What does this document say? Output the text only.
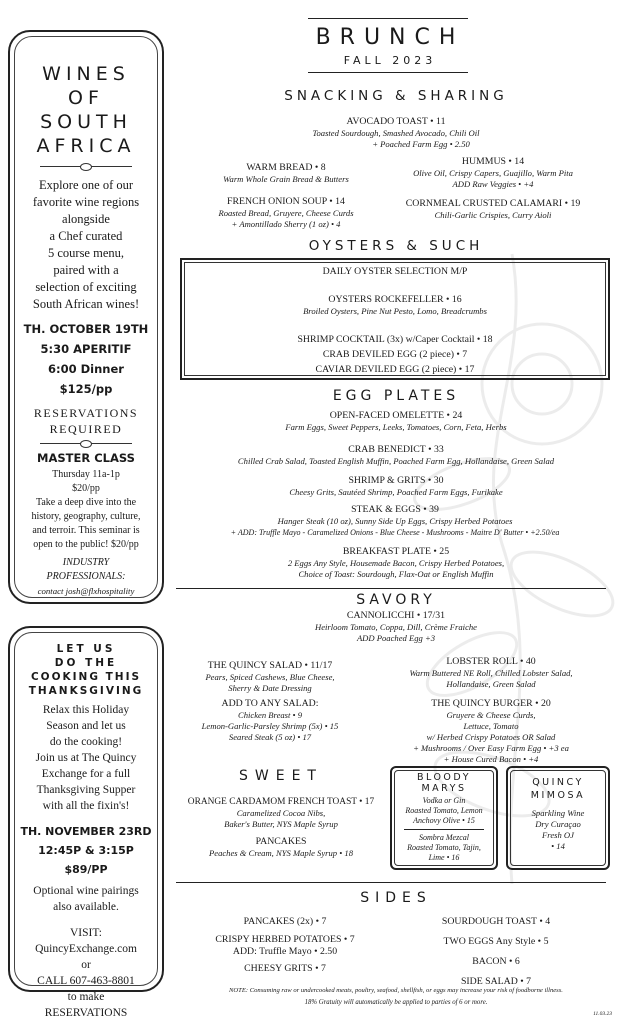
WINES
OF
SOUTH
AFRICA
Explore one of our
favorite wine regions
alongside
a Chef curated
5 course menu,
paired with a
selection of exciting
South African wines!
TH. OCTOBER 19TH
5:30 APERITIF
6:00 Dinner
$125/pp
RESERVATIONS
REQUIRED
MASTER CLASS
Thursday 11a-1p
$20/pp
Take a deep dive into the
history, geography, culture,
and terroir. This seminar is
open to the public! $20/pp
INDUSTRY
PROFESSIONALS:
contact josh@flxhospitality
LET US
DO THE
COOKING THIS
THANKSGIVING
Relax this Holiday
Season and let us
do the cooking!
Join us at The Quincy
Exchange for a full
Thanksgiving Supper
with all the fixin's!
TH. NOVEMBER 23RD
12:45P & 3:15P
$89/PP
Optional wine pairings
also available.
VISIT:
QuincyExchange.com
or
CALL 607-463-8801
to make
RESERVATIONS
BRUNCH
FALL 2023
SNACKING & SHARING
AVOCADO TOAST • 11
Toasted Sourdough, Smashed Avocado, Chili Oil
+ Poached Farm Egg • 2.50
WARM BREAD • 8
Warm Whole Grain Bread & Butters
HUMMUS • 14
Olive Oil, Crispy Capers, Guajillo, Warm Pita
ADD Raw Veggies • +4
FRENCH ONION SOUP • 14
Roasted Bread, Gruyere, Cheese Curds
+ Amontillado Sherry (1 oz) • 4
CORNMEAL CRUSTED CALAMARI • 19
Chili-Garlic Crispies, Curry Aioli
OYSTERS & SUCH
DAILY OYSTER SELECTION M/P
OYSTERS ROCKEFELLER • 16
Broiled Oysters, Pine Nut Pesto, Lomo, Breadcrumbs
SHRIMP COCKTAIL (3x) w/Caper Cocktail • 18
CRAB DEVILED EGG (2 piece) • 7
CAVIAR DEVILED EGG (2 piece) • 17
EGG PLATES
OPEN-FACED OMELETTE • 24
Farm Eggs, Sweet Peppers, Leeks, Tomatoes, Corn, Feta, Herbs
CRAB BENEDICT • 33
Chilled Crab Salad, Toasted English Muffin, Poached Farm Egg, Hollandaise, Green Salad
SHRIMP & GRITS • 30
Cheesy Grits, Sautéed Shrimp, Poached Farm Eggs, Furikake
STEAK & EGGS • 39
Hanger Steak (10 oz), Sunny Side Up Eggs, Crispy Herbed Potatoes
+ ADD: Truffle Mayo - Caramelized Onions - Blue Cheese - Mushrooms - Maitre D' Butter • +2.50/ea
BREAKFAST PLATE • 25
2 Eggs Any Style, Housemade Bacon, Crispy Herbed Potatoes,
Choice of Toast: Sourdough, Flax-Oat or English Muffin
SAVORY
CANNOLICCHI • 17/31
Heirloom Tomato, Coppa, Dill, Crème Fraiche
ADD Poached Egg +3
THE QUINCY SALAD • 11/17
Pears, Spiced Cashews, Blue Cheese,
Sherry & Date Dressing
ADD TO ANY SALAD:
Chicken Breast • 9
Lemon-Garlic-Parsley Shrimp (5x) • 15
Seared Steak (5 oz) • 17
LOBSTER ROLL • 40
Warm Buttered NE Roll, Chilled Lobster Salad,
Hollandaise, Green Salad
THE QUINCY BURGER • 20
Gruyere & Cheese Curds,
Lettuce, Tomato
w/ Herbed Crispy Potatoes OR Salad
+ Mushrooms / Over Easy Farm Egg • +3 ea
+ House Cured Bacon • +4
SWEET
ORANGE CARDAMOM FRENCH TOAST • 17
Caramelized Cocoa Nibs,
Baker's Butter, NYS Maple Syrup
PANCAKES
Peaches & Cream, NYS Maple Syrup • 18
BLOODY
MARYS
Vodka or Gin
Roasted Tomato, Lemon
Anchovy Olive • 15
Sombra Mezcal
Roasted Tomato, Tajin,
Lime • 16
QUINCY
MIMOSA
Sparkling Wine
Dry Curaçao
Fresh OJ
• 14
SIDES
PANCAKES (2x) • 7
CRISPY HERBED POTATOES • 7
ADD: Truffle Mayo • 2.50
CHEESY GRITS • 7
SOURDOUGH TOAST • 4
TWO EGGS Any Style • 5
BACON • 6
SIDE SALAD • 7
NOTE: Consuming raw or undercooked meats, poultry, seafood, shellfish, or eggs may increase your risk of foodborne illness.
18% Gratuity will automatically be applied to parties of 6 or more.
11.03.23
